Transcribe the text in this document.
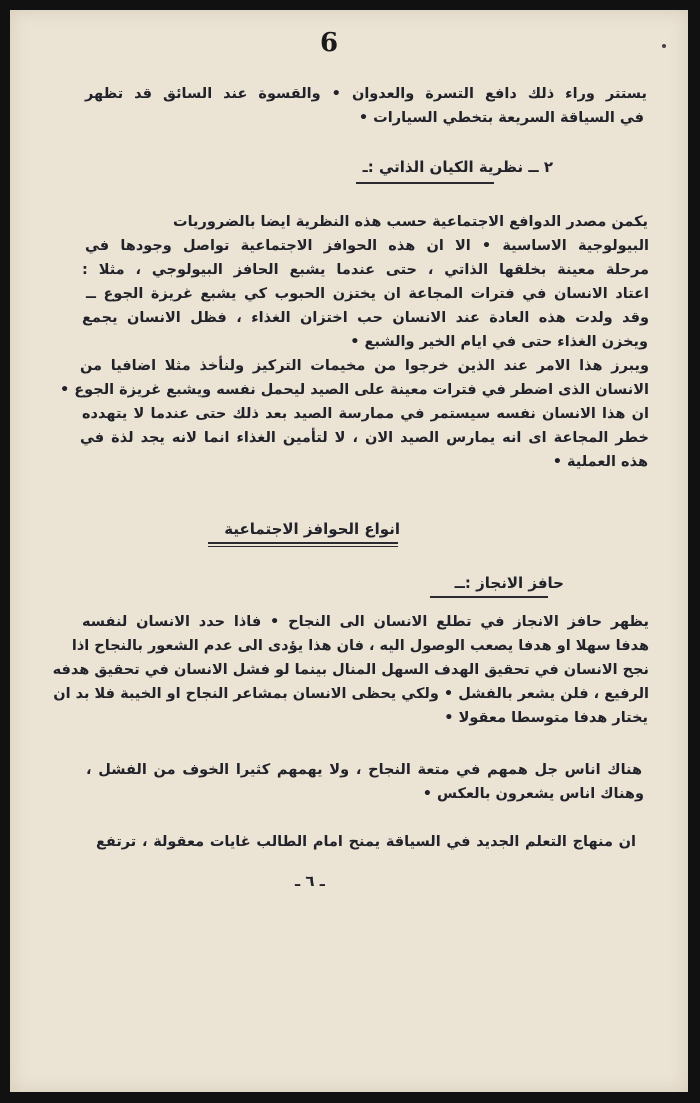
6
يستتر وراء ذلك دافع التسرة والعدوان • والقسوة عند السائق قد تظهر
في السياقة السريعة بتخطي السيارات •
٢ ــ نظرية الكيان الذاتي :ـ
يكمن مصدر الدوافع الاجتماعية حسب هذه النظرية ايضا بالضروريات
البيولوجية الاساسية • الا ان هذه الحوافز الاجتماعية تواصل وجودها في
مرحلة معينة بخلقها الذاتي ، حتى عندما يشبع الحافز البيولوجي ، مثلا :
اعتاد الانسان في فترات المجاعة ان يختزن الحبوب كي يشبع غريزة الجوع ــ
وقد ولدت هذه العادة عند الانسان حب اختزان الغذاء ، فظل الانسان يجمع
ويخزن الغذاء حتى في ايام الخير والشبع •
ويبرز هذا الامر عند الذين خرجوا من مخيمات التركيز ولنأخذ مثلا اضافيا من
الانسان الذى اضطر في فترات معينة على الصيد ليحمل نفسه ويشبع غريزة الجوع •
ان هذا الانسان نفسه سيستمر في ممارسة الصيد بعد ذلك حتى عندما لا يتهدده
خطر المجاعة اى انه يمارس الصيد الان ، لا لتأمين الغذاء انما لانه يجد لذة في
هذه العملية •
انواع الحوافز الاجتماعية
حافز الانجاز :ــ
يظهر حافز الانجاز في تطلع الانسان الى النجاح • فاذا حدد الانسان لنفسه
هدفا سهلا او هدفا يصعب الوصول اليه ، فان هذا يؤدى الى عدم الشعور بالنجاح اذا
نجح الانسان في تحقيق الهدف السهل المنال بينما لو فشل الانسان في تحقيق هدفه
الرفيع ، فلن يشعر بالفشل • ولكي يحظى الانسان بمشاعر النجاح او الخيبة فلا بد ان
يختار هدفا متوسطا معقولا •
هناك اناس جل همهم في متعة النجاح ، ولا يهمهم كثيرا الخوف من الفشل ،
وهناك اناس يشعرون بالعكس •
ان منهاج التعلم الجديد في السياقة يمنح امام الطالب غايات معقولة ، ترتفع
ـ ٦ ـ
